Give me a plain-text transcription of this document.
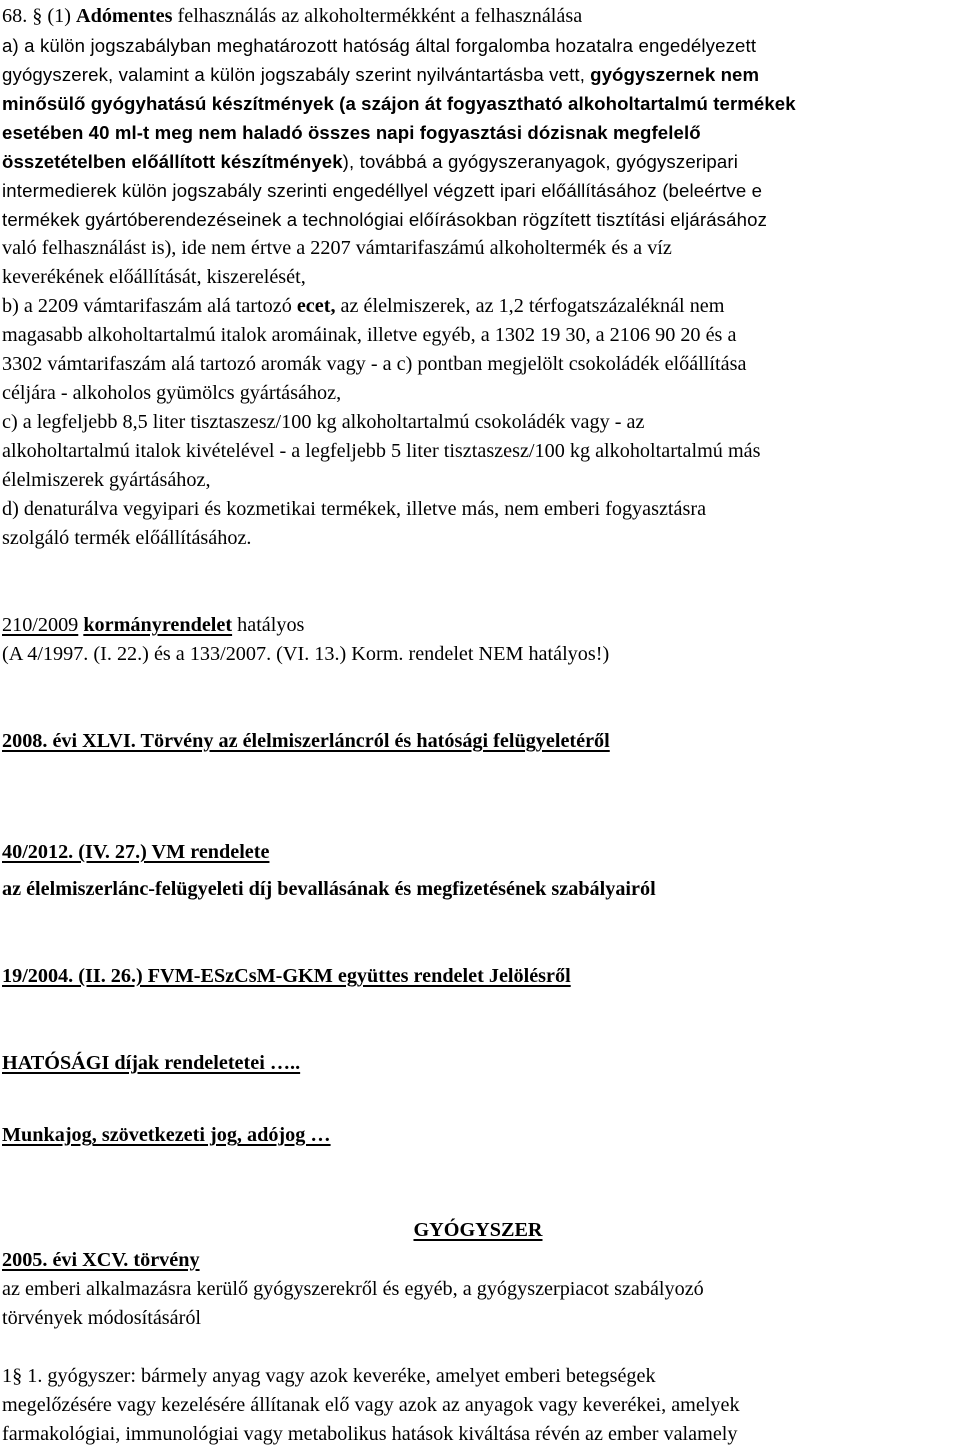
68. § (1) Adómentes felhasználás az alkoholtermékként a felhasználása
a) a külön jogszabályban meghatározott hatóság által forgalomba hozatalra engedélyezett
gyógyszerek, valamint a külön jogszabály szerint nyilvántartásba vett, gyógyszernek nem
minősülő gyógyhatású készítmények (a szájon át fogyasztható alkoholtartalmú termékek
esetében 40 ml-t meg nem haladó összes napi fogyasztási dózisnak megfelelő
összetételben előállított készítmények), továbbá a gyógyszeranyagok, gyógyszeripari
intermedierek külön jogszabály szerinti engedéllyel végzett ipari előállításához (beleértve e
termékek gyártóberendezéseinek a technológiai előírásokban rögzített tisztítási eljárásához
való felhasználást is), ide nem értve a 2207 vámtarifaszámú alkoholtermék és a víz
keverékének előállítását, kiszerelését,
b) a 2209 vámtarifaszám alá tartozó ecet, az élelmiszerek, az 1,2 térfogatszázaléknál nem
magasabb alkoholtartalmú italok aromáinak, illetve egyéb, a 1302 19 30, a 2106 90 20 és a
3302 vámtarifaszám alá tartozó aromák vagy - a c) pontban megjelölt csokoládék előállítása
céljára - alkoholos gyümölcs gyártásához,
c) a legfeljebb 8,5 liter tisztaszesz/100 kg alkoholtartalmú csokoládék vagy - az
alkoholtartalmú italok kivételével - a legfeljebb 5 liter tisztaszesz/100 kg alkoholtartalmú más
élelmiszerek gyártásához,
d) denaturálva vegyipari és kozmetikai termékek, illetve más, nem emberi fogyasztásra
szolgáló termék előállításához.
210/2009 kormányrendelet hatályos
(A 4/1997. (I. 22.) és a 133/2007. (VI. 13.) Korm. rendelet NEM hatályos!)
2008. évi XLVI. Törvény az élelmiszerláncról és hatósági felügyeletéről
40/2012. (IV. 27.) VM rendelete
az élelmiszerlánc-felügyeleti díj bevallásának és megfizetésének szabályairól
19/2004. (II. 26.) FVM-ESzCsM-GKM együttes rendelet Jelölésről
HATÓSÁGI díjak rendeletetei …..
Munkajog, szövetkezeti jog, adójog …
GYÓGYSZER
2005. évi XCV. törvény
az emberi alkalmazásra kerülő gyógyszerekről és egyéb, a gyógyszerpiacot szabályozó
törvények módosításáról
1§ 1. gyógyszer: bármely anyag vagy azok keveréke, amelyet emberi betegségek
megelőzésére vagy kezelésére állítanak elő vagy azok az anyagok vagy keverékei, amelyek
farmakológiai, immunológiai vagy metabolikus hatások kiváltása révén az ember valamely
